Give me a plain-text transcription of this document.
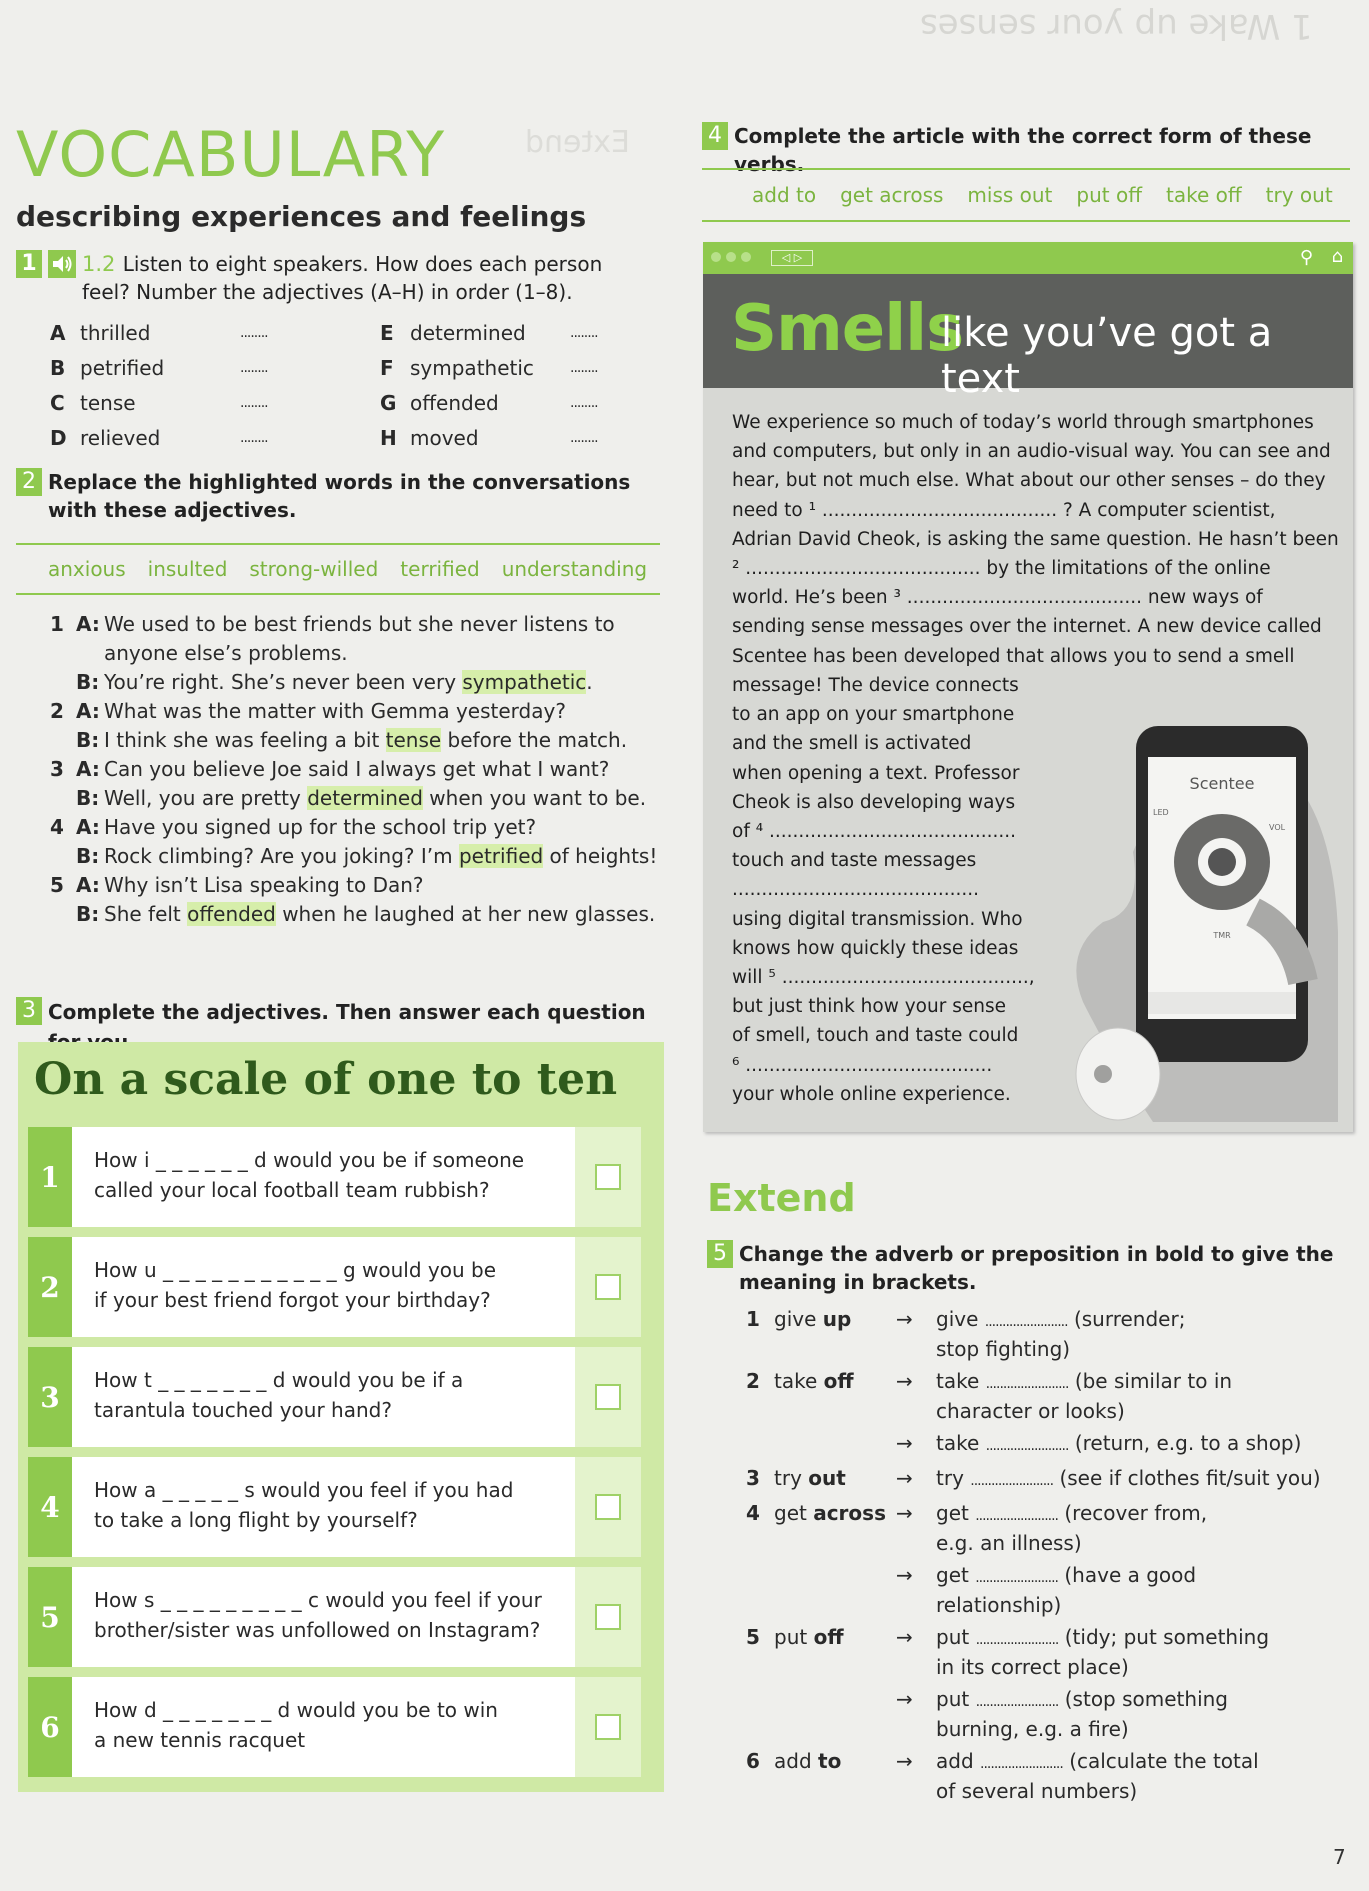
1 Wake up your senses
Extend
VOCABULARY
describing experiences and feelings
1 1.2 Listen to eight speakers. How does each person feel? Number the adjectives (A–H) in order (1–8).
A thrilled	........
B petrified	........
C tense	........
D relieved	........
E determined	........
F sympathetic	........
G offended	........
H moved	........
2 Replace the highlighted words in the conversations with these adjectives.
anxious insulted strong-willed terrified understanding
1 A: We used to be best friends but she never listens to
anyone else’s problems.
B: You’re right. She’s never been very sympathetic.
2 A: What was the matter with Gemma yesterday?
B: I think she was feeling a bit tense before the match.
3 A: Can you believe Joe said I always get what I want?
B: Well, you are pretty determined when you want to be.
4 A: Have you signed up for the school trip yet?
B: Rock climbing? Are you joking? I’m petrified of heights!
5 A: Why isn’t Lisa speaking to Dan?
B: She felt offended when he laughed at her new glasses.
3 Complete the adjectives. Then answer each question
On a scale of one to ten
1
How i _ _ _ _ _ _ d would you be if someone
called your local football team rubbish?
2
How u _ _ _ _ _ _ _ _ _ _ _ g would you be
if your best friend forgot your birthday?
3
How t _ _ _ _ _ _ _ d would you be if a
tarantula touched your hand?
4
How a _ _ _ _ _ s would you feel if you had
to take a long flight by yourself?
5
How s _ _ _ _ _ _ _ _ _ c would you feel if your
brother/sister was unfollowed on Instagram?
6
How d _ _ _ _ _ _ _ d would you be to win
a new tennis racquet
4 Complete the article with the correct form of these verbs.
add to get across miss out put off take off try out
◁ ▷	⚲ ⌂
Smells
like you’ve got a text
We experience so much of today’s world through smartphones
and computers, but only in an audio-visual way. You can see and
hear, but not much else. What about our other senses – do they
need to ¹ ........................................ ? A computer scientist,
Adrian David Cheok, is asking the same question. He hasn’t been
² ........................................ by the limitations of the online
world. He’s been ³ ........................................ new ways of
sending sense messages over the internet. A new device called
Scentee has been developed that allows you to send a smell
message! The device connects
to an app on your smartphone
and the smell is activated
when opening a text. Professor
Cheok is also developing ways
of ⁴ ..........................................
touch and taste messages
..........................................
using digital transmission. Who
knows how quickly these ideas
will ⁵ ..........................................,
but just think how your sense
of smell, touch and taste could
⁶ ..........................................
your whole online experience.
Scentee
LED
VOL
TMR
Extend
5 Change the adverb or preposition in bold to give the meaning in brackets.
1 give up → give ........................ (surrender;
stop fighting)
2 take off → take ........................ (be similar to in
character or looks)
→ take ........................ (return, e.g. to a shop)
3 try out	→ try ........................ (see if clothes fit/suit you)
4 get across → get ........................ (recover from,
e.g. an illness)
→ get ........................ (have a good
relationship)
5 put off	→ put ........................ (tidy; put something
in its correct place)
→ put ........................ (stop something
burning, e.g. a fire)
6 add to	→ add ........................ (calculate the total
of several numbers)
7
